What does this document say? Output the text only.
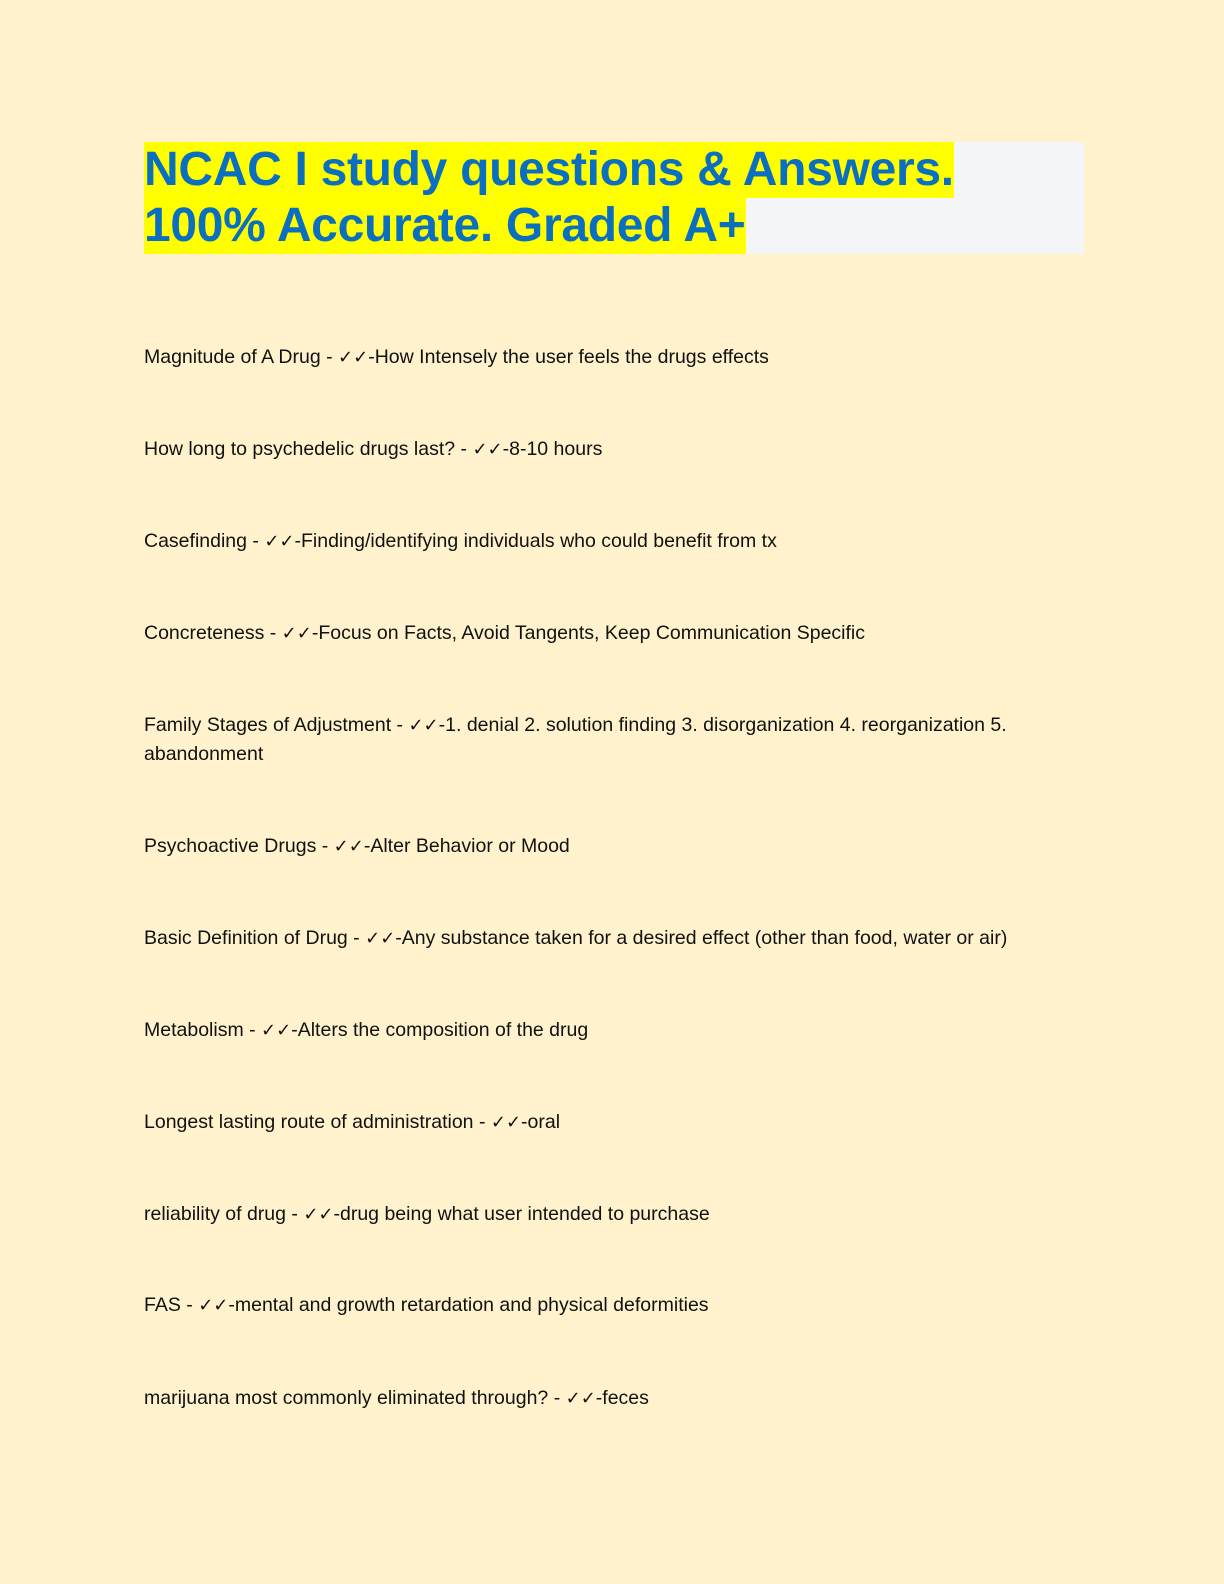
NCAC I study questions & Answers.
100% Accurate. Graded A+
Magnitude of A Drug - ✓✓-How Intensely the user feels the drugs effects
How long to psychedelic drugs last? - ✓✓-8-10 hours
Casefinding - ✓✓-Finding/identifying individuals who could benefit from tx
Concreteness - ✓✓-Focus on Facts, Avoid Tangents, Keep Communication Specific
Family Stages of Adjustment - ✓✓-1. denial 2. solution finding 3. disorganization 4. reorganization 5. abandonment
Psychoactive Drugs - ✓✓-Alter Behavior or Mood
Basic Definition of Drug - ✓✓-Any substance taken for a desired effect (other than food, water or air)
Metabolism - ✓✓-Alters the composition of the drug
Longest lasting route of administration - ✓✓-oral
reliability of drug - ✓✓-drug being what user intended to purchase
FAS - ✓✓-mental and growth retardation and physical deformities
marijuana most commonly eliminated through? - ✓✓-feces
